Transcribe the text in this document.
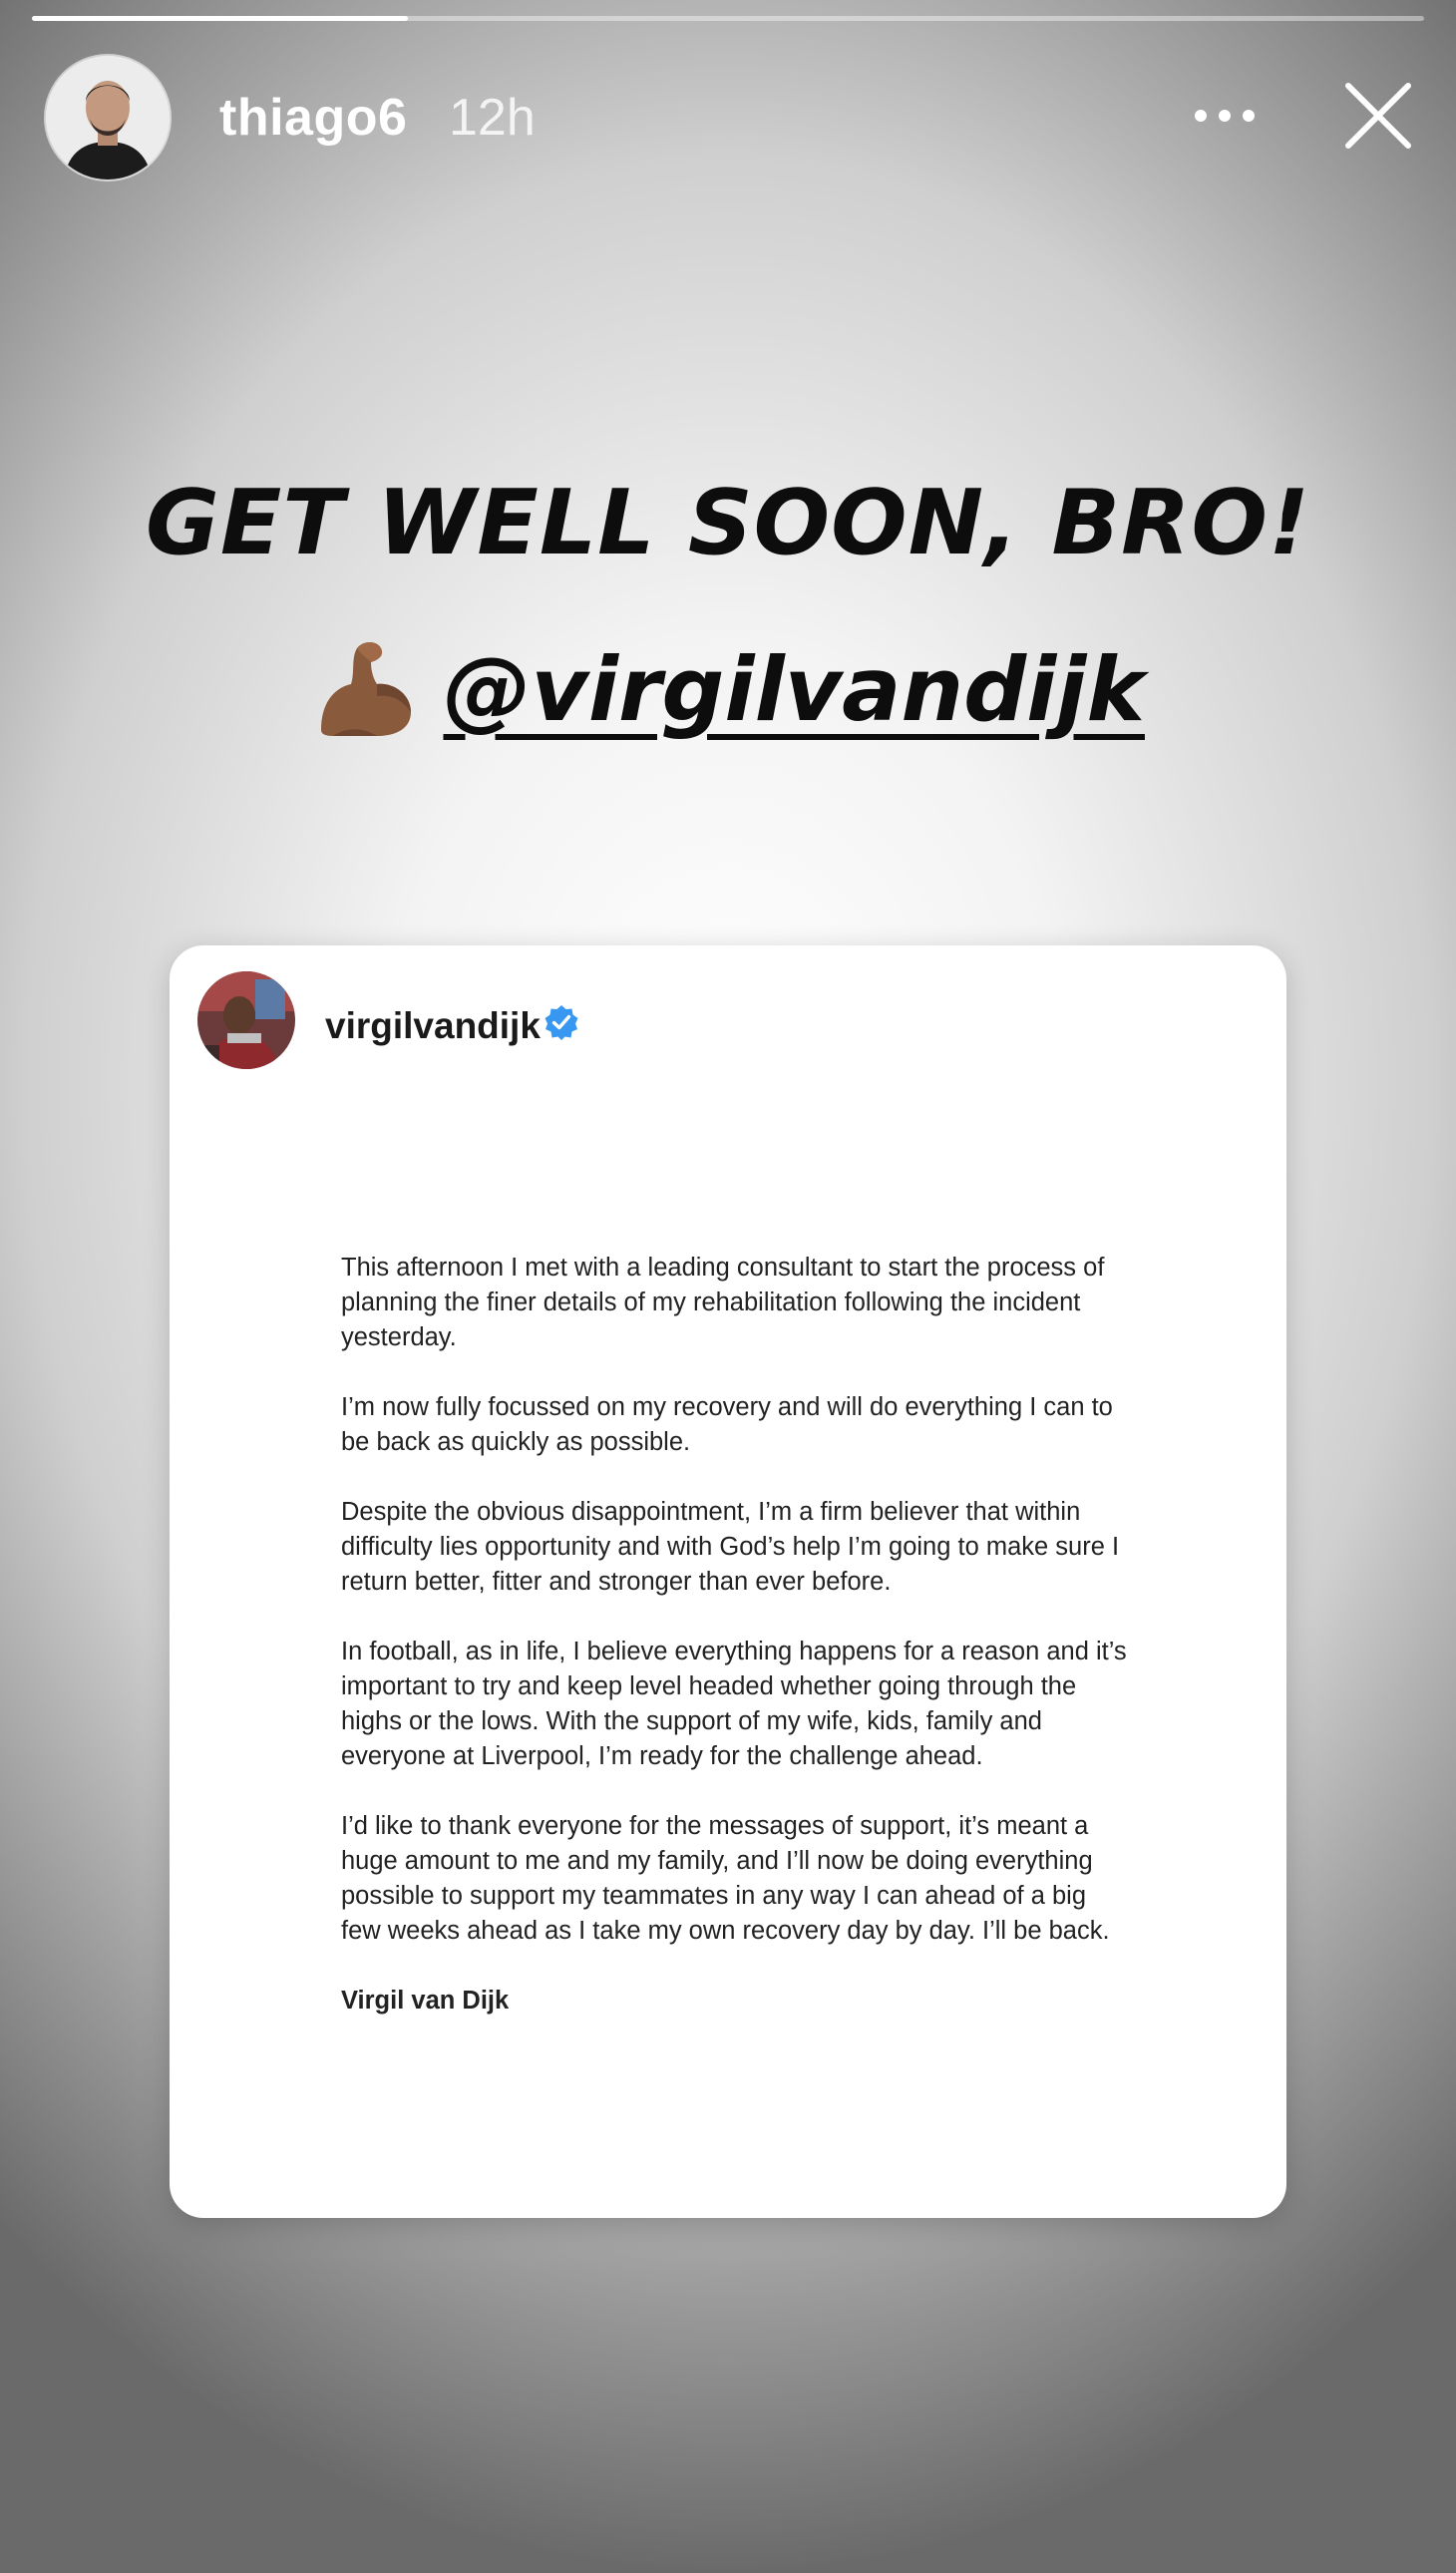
thiago6 12h
GET WELL SOON, BRO!
@virgilvandijk
virgilvandijk

This afternoon I met with a leading consultant to start the process of planning the finer details of my rehabilitation following the incident yesterday.

I’m now fully focussed on my recovery and will do everything I can to be back as quickly as possible.

Despite the obvious disappointment, I’m a firm believer that within difficulty lies opportunity and with God’s help I’m going to make sure I return better, fitter and stronger than ever before.

In football, as in life, I believe everything happens for a reason and it’s important to try and keep level headed whether going through the highs or the lows. With the support of my wife, kids, family and everyone at Liverpool, I’m ready for the challenge ahead.

I’d like to thank everyone for the messages of support, it’s meant a huge amount to me and my family, and I’ll now be doing everything possible to support my teammates in any way I can ahead of a big few weeks ahead as I take my own recovery day by day. I’ll be back.

Virgil van Dijk
